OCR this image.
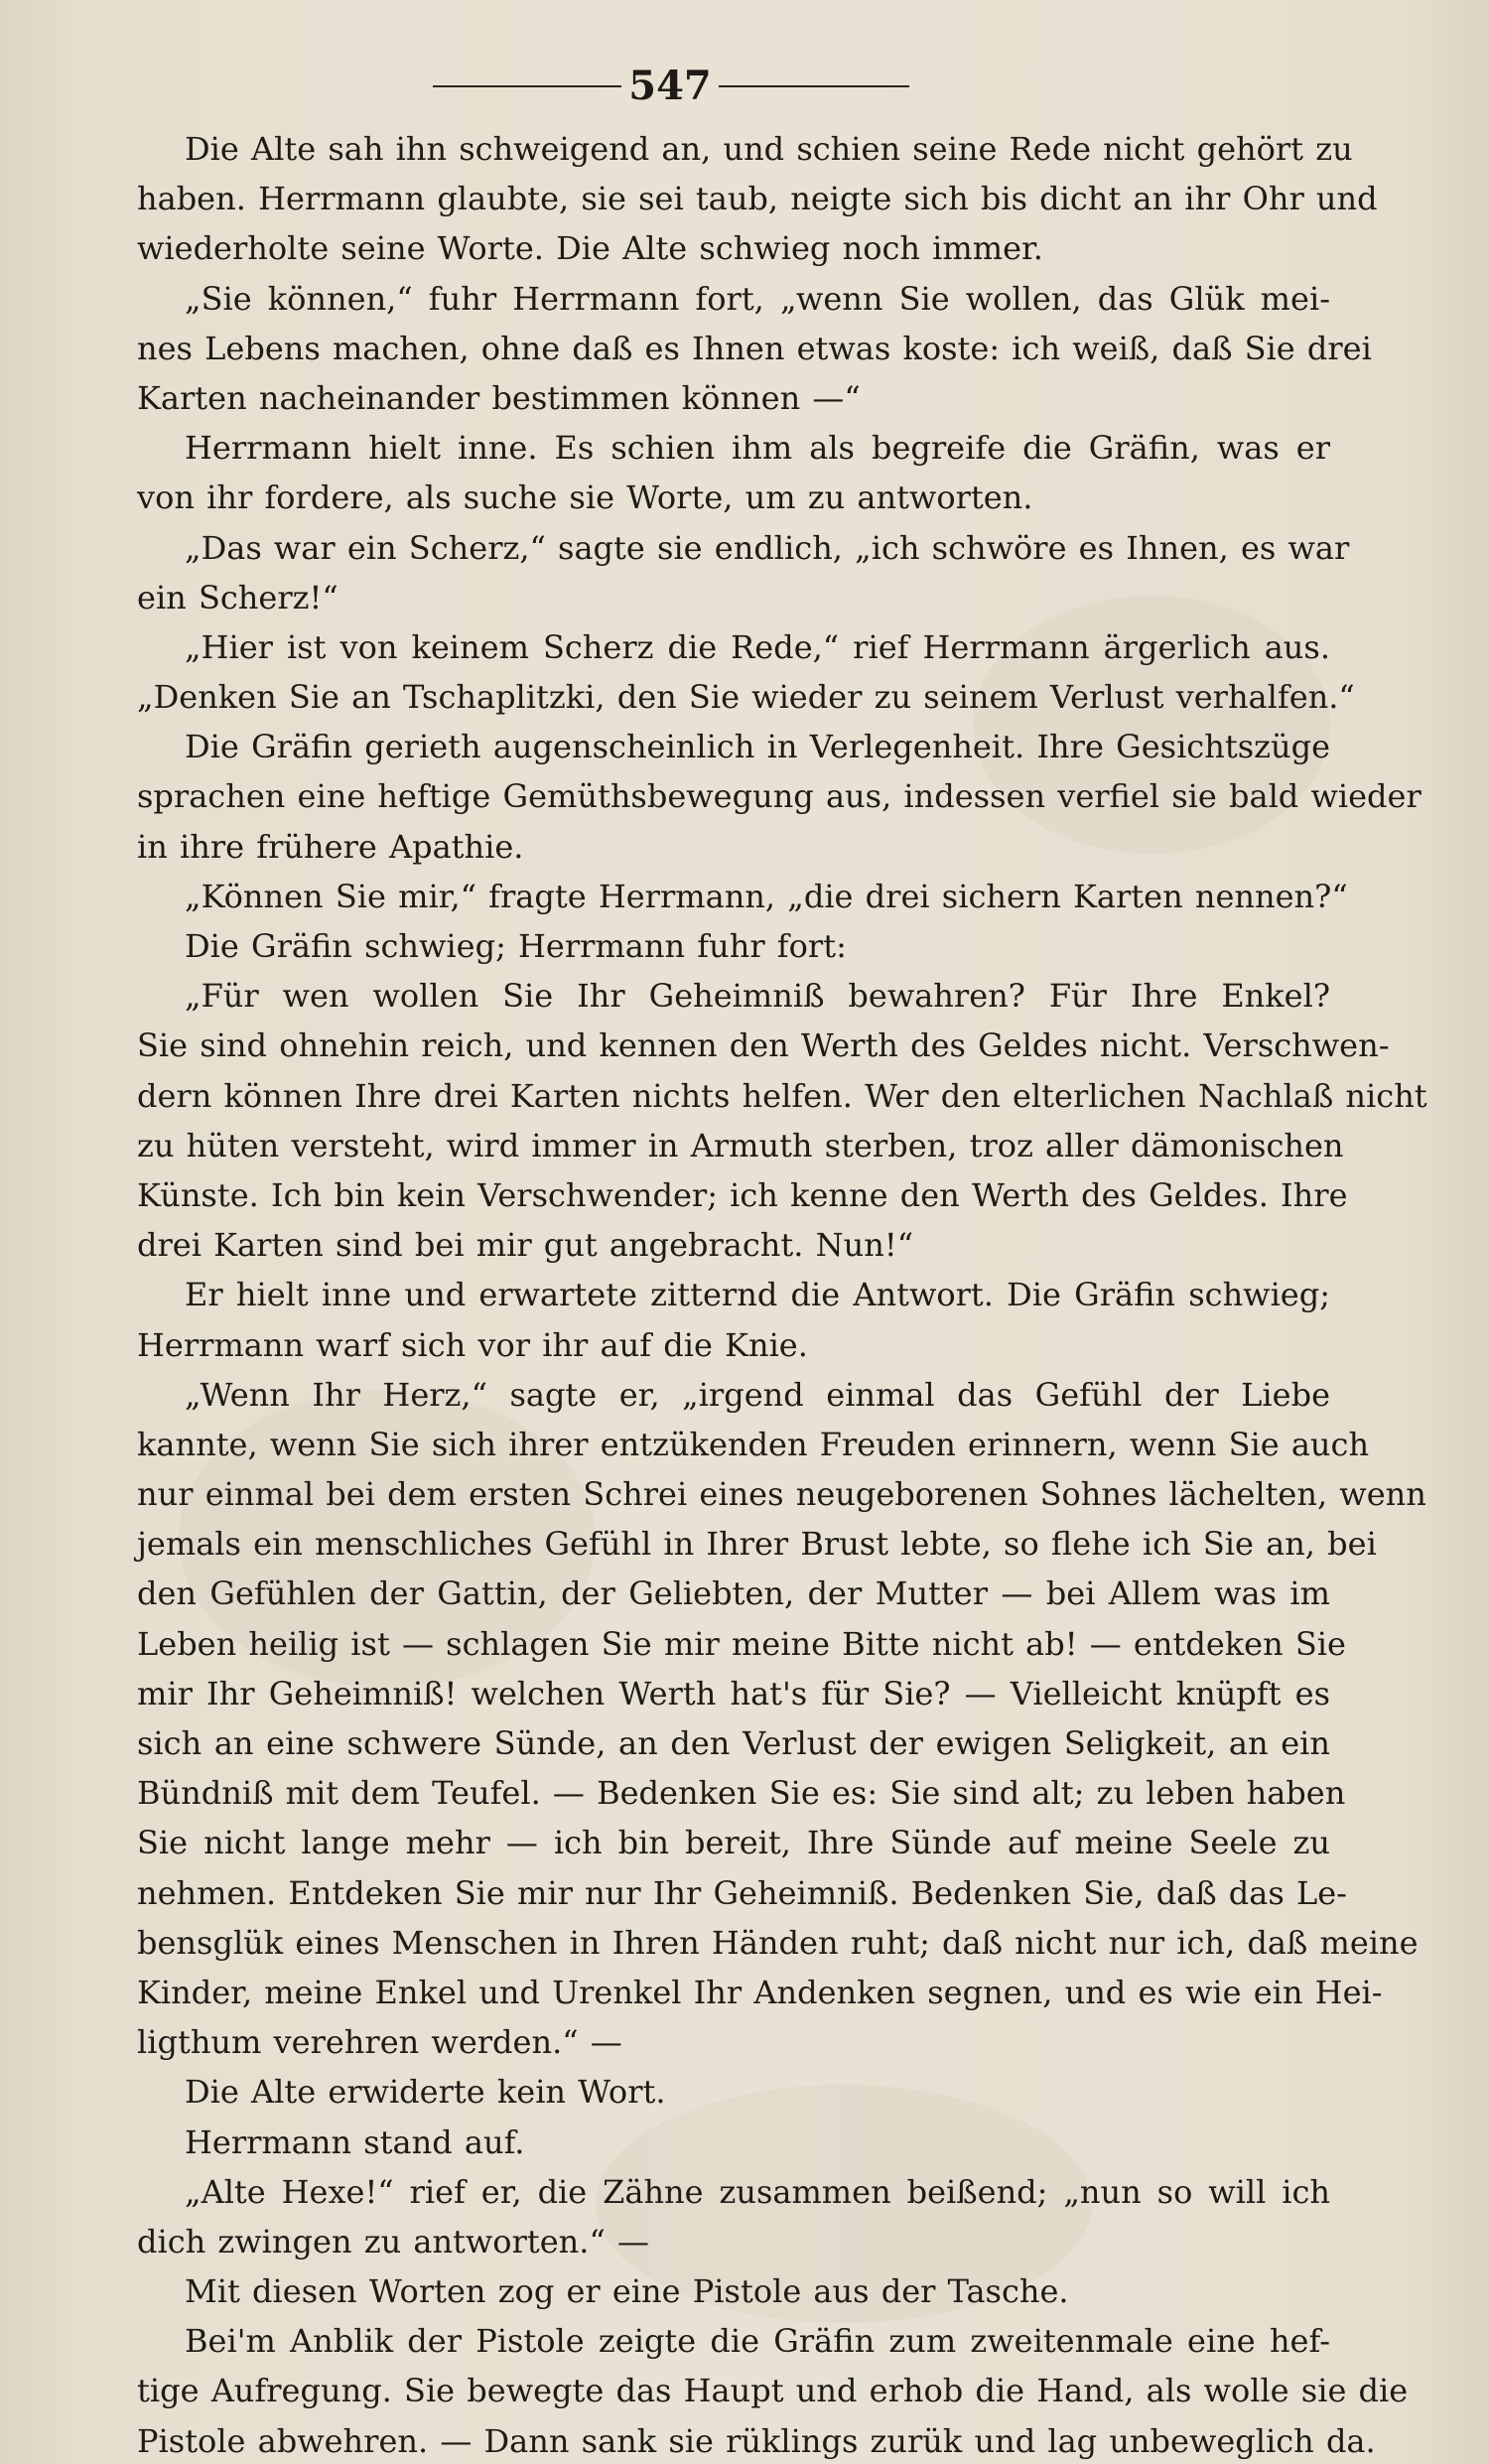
547

Die Alte sah ihn schweigend an, und schien seine Rede nicht gehört zu

haben. Herrmann glaubte, sie sei taub, neigte sich bis dicht an ihr Ohr und

wiederholte seine Worte. Die Alte schwieg noch immer.

„Sie können,“ fuhr Herrmann fort, „wenn Sie wollen, das Glük mei-

nes Lebens machen, ohne daß es Ihnen etwas koste: ich weiß, daß Sie drei

Karten nacheinander bestimmen können —“

Herrmann hielt inne. Es schien ihm als begreife die Gräfin, was er

von ihr fordere, als suche sie Worte, um zu antworten.

„Das war ein Scherz,“ sagte sie endlich, „ich schwöre es Ihnen, es war

ein Scherz!“

„Hier ist von keinem Scherz die Rede,“ rief Herrmann ärgerlich aus.

„Denken Sie an Tschaplitzki, den Sie wieder zu seinem Verlust verhalfen.“

Die Gräfin gerieth augenscheinlich in Verlegenheit. Ihre Gesichtszüge

sprachen eine heftige Gemüthsbewegung aus, indessen verfiel sie bald wieder

in ihre frühere Apathie.

„Können Sie mir,“ fragte Herrmann, „die drei sichern Karten nennen?“

Die Gräfin schwieg; Herrmann fuhr fort:

„Für wen wollen Sie Ihr Geheimniß bewahren? Für Ihre Enkel?

Sie sind ohnehin reich, und kennen den Werth des Geldes nicht. Verschwen-

dern können Ihre drei Karten nichts helfen. Wer den elterlichen Nachlaß nicht

zu hüten versteht, wird immer in Armuth sterben, troz aller dämonischen

Künste. Ich bin kein Verschwender; ich kenne den Werth des Geldes. Ihre

drei Karten sind bei mir gut angebracht. Nun!“

Er hielt inne und erwartete zitternd die Antwort. Die Gräfin schwieg;

Herrmann warf sich vor ihr auf die Knie.

„Wenn Ihr Herz,“ sagte er, „irgend einmal das Gefühl der Liebe

kannte, wenn Sie sich ihrer entzükenden Freuden erinnern, wenn Sie auch

nur einmal bei dem ersten Schrei eines neugeborenen Sohnes lächelten, wenn

jemals ein menschliches Gefühl in Ihrer Brust lebte, so flehe ich Sie an, bei

den Gefühlen der Gattin, der Geliebten, der Mutter — bei Allem was im

Leben heilig ist — schlagen Sie mir meine Bitte nicht ab! — entdeken Sie

mir Ihr Geheimniß! welchen Werth hat's für Sie? — Vielleicht knüpft es

sich an eine schwere Sünde, an den Verlust der ewigen Seligkeit, an ein

Bündniß mit dem Teufel. — Bedenken Sie es: Sie sind alt; zu leben haben

Sie nicht lange mehr — ich bin bereit, Ihre Sünde auf meine Seele zu

nehmen. Entdeken Sie mir nur Ihr Geheimniß. Bedenken Sie, daß das Le-

bensglük eines Menschen in Ihren Händen ruht; daß nicht nur ich, daß meine

Kinder, meine Enkel und Urenkel Ihr Andenken segnen, und es wie ein Hei-

ligthum verehren werden.“ —

Die Alte erwiderte kein Wort.

Herrmann stand auf.

„Alte Hexe!“ rief er, die Zähne zusammen beißend; „nun so will ich

dich zwingen zu antworten.“ —

Mit diesen Worten zog er eine Pistole aus der Tasche.

Bei'm Anblik der Pistole zeigte die Gräfin zum zweitenmale eine hef-

tige Aufregung. Sie bewegte das Haupt und erhob die Hand, als wolle sie die

Pistole abwehren. — Dann sank sie rüklings zurük und lag unbeweglich da.
